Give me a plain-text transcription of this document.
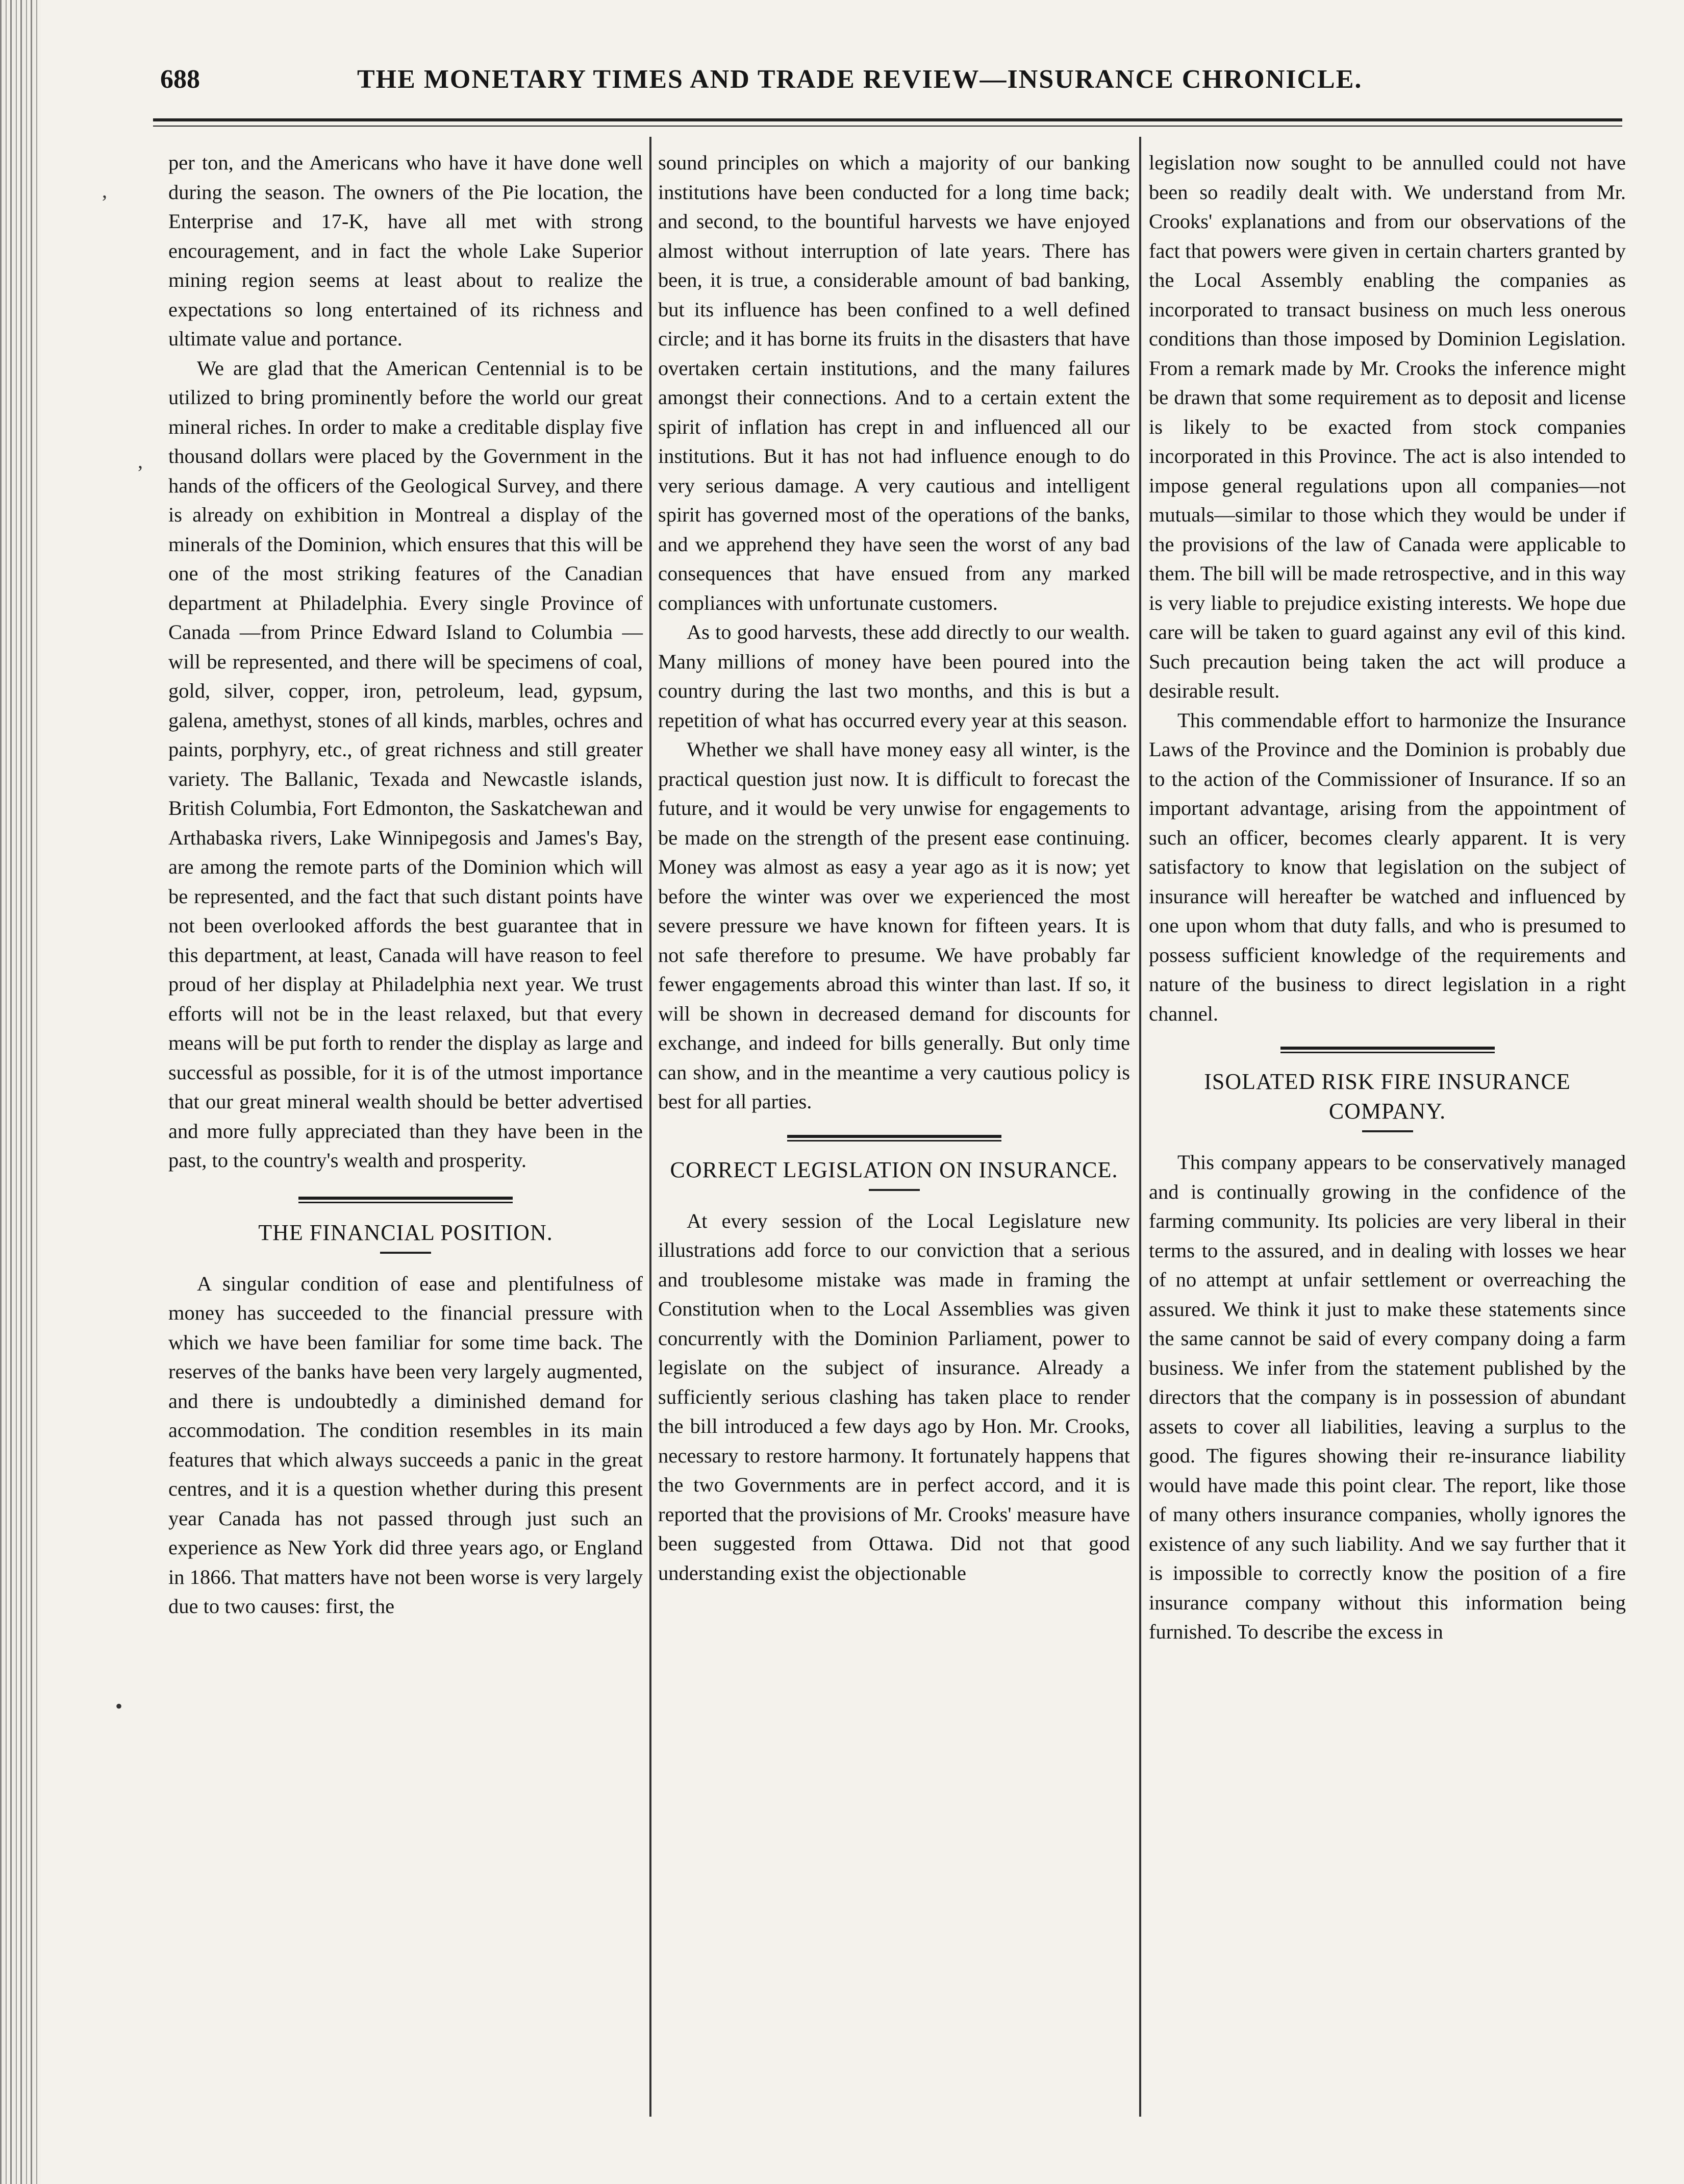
688	THE MONETARY TIMES AND TRADE REVIEW—INSURANCE CHRONICLE.
,
,
•

per ton, and the Americans who have it have done well during the season. The owners of the Pie location, the Enterprise and 17-K, have all met with strong encouragement, and in fact the whole Lake Superior mining region seems at least about to realize the expectations so long entertained of its richness and ultimate value and portance.

We are glad that the American Centennial is to be utilized to bring prominently before the world our great mineral riches. In order to make a creditable display five thousand dollars were placed by the Government in the hands of the officers of the Geological Survey, and there is already on exhibition in Montreal a display of the minerals of the Dominion, which ensures that this will be one of the most striking features of the Canadian department at Philadelphia. Every single Province of Canada —from Prince Edward Island to Columbia —will be represented, and there will be specimens of coal, gold, silver, copper, iron, petroleum, lead, gypsum, galena, amethyst, stones of all kinds, marbles, ochres and paints, porphyry, etc., of great richness and still greater variety. The Ballanic, Texada and Newcastle islands, British Columbia, Fort Edmonton, the Saskatchewan and Arthabaska rivers, Lake Winnipegosis and James's Bay, are among the remote parts of the Dominion which will be represented, and the fact that such distant points have not been overlooked affords the best guarantee that in this department, at least, Canada will have reason to feel proud of her display at Philadelphia next year. We trust efforts will not be in the least relaxed, but that every means will be put forth to render the display as large and successful as possible, for it is of the utmost importance that our great mineral wealth should be better advertised and more fully appreciated than they have been in the past, to the country's wealth and prosperity.

THE FINANCIAL POSITION.

A singular condition of ease and plentifulness of money has succeeded to the financial pressure with which we have been familiar for some time back. The reserves of the banks have been very largely augmented, and there is undoubtedly a diminished demand for accommodation. The condition resembles in its main features that which always succeeds a panic in the great centres, and it is a question whether during this present year Canada has not passed through just such an experience as New York did three years ago, or England in 1866. That matters have not been worse is very largely due to two causes: first, the

sound principles on which a majority of our banking institutions have been conducted for a long time back; and second, to the bountiful harvests we have enjoyed almost without interruption of late years. There has been, it is true, a considerable amount of bad banking, but its influence has been confined to a well defined circle; and it has borne its fruits in the disasters that have overtaken certain institutions, and the many failures amongst their connections. And to a certain extent the spirit of inflation has crept in and influenced all our institutions. But it has not had influence enough to do very serious damage. A very cautious and intelligent spirit has governed most of the operations of the banks, and we apprehend they have seen the worst of any bad consequences that have ensued from any marked compliances with unfortunate customers.

As to good harvests, these add directly to our wealth. Many millions of money have been poured into the country during the last two months, and this is but a repetition of what has occurred every year at this season.

Whether we shall have money easy all winter, is the practical question just now. It is difficult to forecast the future, and it would be very unwise for engagements to be made on the strength of the present ease continuing. Money was almost as easy a year ago as it is now; yet before the winter was over we experienced the most severe pressure we have known for fifteen years. It is not safe therefore to presume. We have probably far fewer engagements abroad this winter than last. If so, it will be shown in decreased demand for discounts for exchange, and indeed for bills generally. But only time can show, and in the meantime a very cautious policy is best for all parties.

CORRECT LEGISLATION ON INSURANCE.

At every session of the Local Legislature new illustrations add force to our conviction that a serious and troublesome mistake was made in framing the Constitution when to the Local Assemblies was given concurrently with the Dominion Parliament, power to legislate on the subject of insurance. Already a sufficiently serious clashing has taken place to render the bill introduced a few days ago by Hon. Mr. Crooks, necessary to restore harmony. It fortunately happens that the two Governments are in perfect accord, and it is reported that the provisions of Mr. Crooks' measure have been suggested from Ottawa. Did not that good understanding exist the objectionable

legislation now sought to be annulled could not have been so readily dealt with. We understand from Mr. Crooks' explanations and from our observations of the fact that powers were given in certain charters granted by the Local Assembly enabling the companies as incorporated to transact business on much less onerous conditions than those imposed by Dominion Legislation. From a remark made by Mr. Crooks the inference might be drawn that some requirement as to deposit and license is likely to be exacted from stock companies incorporated in this Province. The act is also intended to impose general regulations upon all companies—not mutuals—similar to those which they would be under if the provisions of the law of Canada were applicable to them. The bill will be made retrospective, and in this way is very liable to prejudice existing interests. We hope due care will be taken to guard against any evil of this kind. Such precaution being taken the act will produce a desirable result.

This commendable effort to harmonize the Insurance Laws of the Province and the Dominion is probably due to the action of the Commissioner of Insurance. If so an important advantage, arising from the appointment of such an officer, becomes clearly apparent. It is very satisfactory to know that legislation on the subject of insurance will hereafter be watched and influenced by one upon whom that duty falls, and who is presumed to possess sufficient knowledge of the requirements and nature of the business to direct legislation in a right channel.

ISOLATED RISK FIRE INSURANCE COMPANY.

This company appears to be conservatively managed and is continually growing in the confidence of the farming community. Its policies are very liberal in their terms to the assured, and in dealing with losses we hear of no attempt at unfair settlement or overreaching the assured. We think it just to make these statements since the same cannot be said of every company doing a farm business. We infer from the statement published by the directors that the company is in possession of abundant assets to cover all liabilities, leaving a surplus to the good. The figures showing their re-insurance liability would have made this point clear. The report, like those of many others insurance companies, wholly ignores the existence of any such liability. And we say further that it is impossible to correctly know the position of a fire insurance company without this information being furnished. To describe the excess in
